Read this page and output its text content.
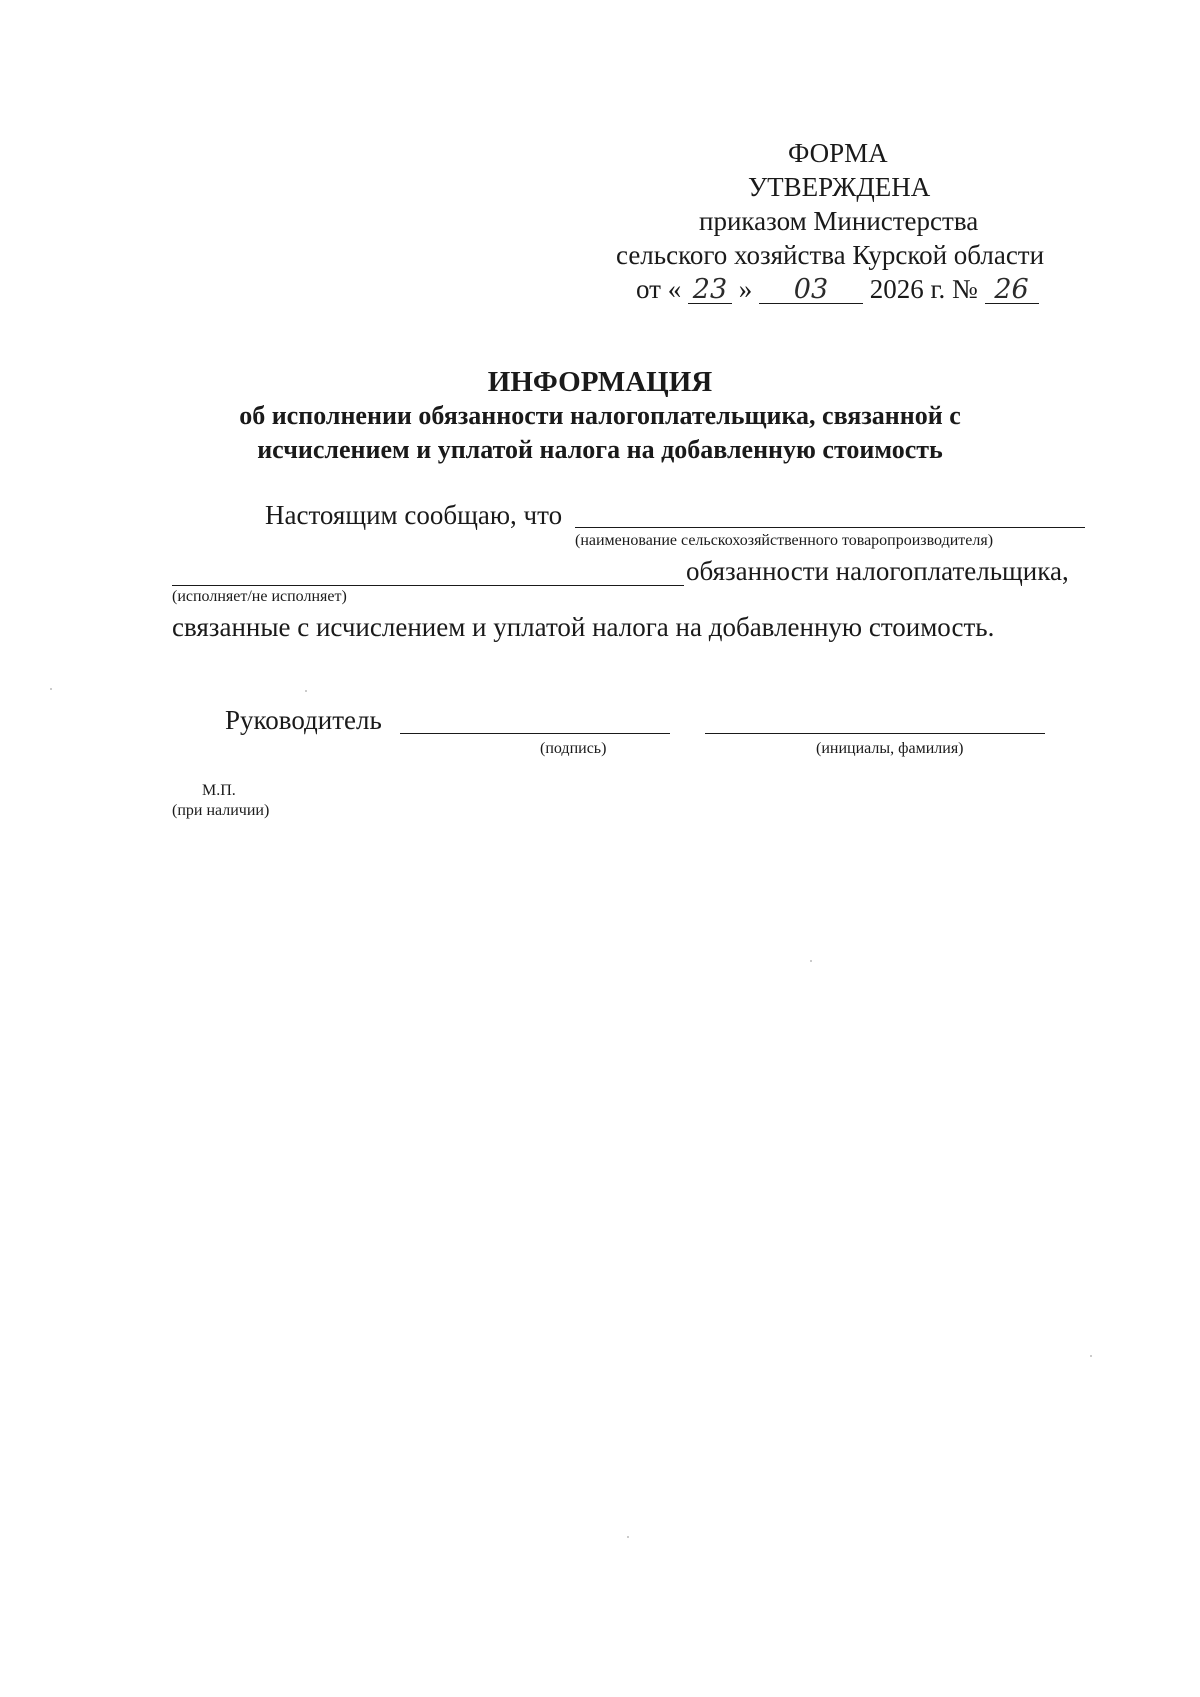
ФОРМА
УТВЕРЖДЕНА
приказом Министерства
сельского хозяйства Курской области
от « 23 » 03 2026 г. № 26
ИНФОРМАЦИЯ
об исполнении обязанности налогоплательщика, связанной с
исчислением и уплатой налога на добавленную стоимость
Настоящим сообщаю, что
(наименование сельскохозяйственного товаропроизводителя)
обязанности налогоплательщика,
(исполняет/не исполняет)
связанные с исчислением и уплатой налога на добавленную стоимость.
Руководитель
(подпись)	(инициалы, фамилия)
М.П.
(при наличии)
